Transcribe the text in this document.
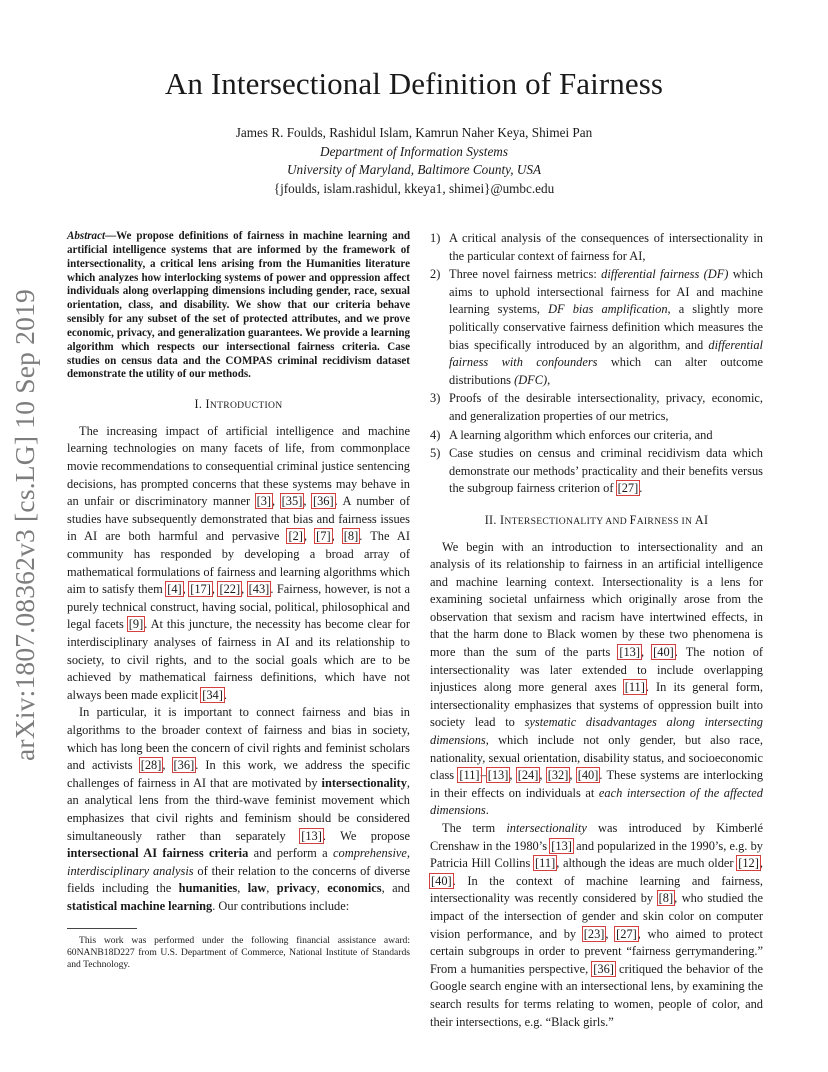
arXiv:1807.08362v3 [cs.LG] 10 Sep 2019
An Intersectional Definition of Fairness
James R. Foulds, Rashidul Islam, Kamrun Naher Keya, Shimei Pan
Department of Information Systems
University of Maryland, Baltimore County, USA
{jfoulds, islam.rashidul, kkeya1, shimei}@umbc.edu

Abstract—We propose definitions of fairness in machine learning and artificial intelligence systems that are informed by the framework of intersectionality, a critical lens arising from the Humanities literature which analyzes how interlocking systems of power and oppression affect individuals along overlapping dimensions including gender, race, sexual orientation, class, and disability. We show that our criteria behave sensibly for any subset of the set of protected attributes, and we prove economic, privacy, and generalization guarantees. We provide a learning algorithm which respects our intersectional fairness criteria. Case studies on census data and the COMPAS criminal recidivism dataset demonstrate the utility of our methods.

I. INTRODUCTION

The increasing impact of artificial intelligence and machine learning technologies on many facets of life, from commonplace movie recommendations to consequential criminal justice sentencing decisions, has prompted concerns that these systems may behave in an unfair or discriminatory manner [3], [35], [36]. A number of studies have subsequently demonstrated that bias and fairness issues in AI are both harmful and pervasive [2], [7], [8]. The AI community has responded by developing a broad array of mathematical formulations of fairness and learning algorithms which aim to satisfy them [4], [17], [22], [43]. Fairness, however, is not a purely technical construct, having social, political, philosophical and legal facets [9]. At this juncture, the necessity has become clear for interdisciplinary analyses of fairness in AI and its relationship to society, to civil rights, and to the social goals which are to be achieved by mathematical fairness definitions, which have not always been made explicit [34].

In particular, it is important to connect fairness and bias in algorithms to the broader context of fairness and bias in society, which has long been the concern of civil rights and feminist scholars and activists [28], [36]. In this work, we address the specific challenges of fairness in AI that are motivated by intersectionality, an analytical lens from the third-wave feminist movement which emphasizes that civil rights and feminism should be considered simultaneously rather than separately [13]. We propose intersectional AI fairness criteria and perform a comprehensive, interdisciplinary analysis of their relation to the concerns of diverse fields including the humanities, law, privacy, economics, and statistical machine learning. Our contributions include:

This work was performed under the following financial assistance award: 60NANB18D227 from U.S. Department of Commerce, National Institute of Standards and Technology.

1) A critical analysis of the consequences of intersectionality in the particular context of fairness for AI,
2) Three novel fairness metrics: differential fairness (DF) which aims to uphold intersectional fairness for AI and machine learning systems, DF bias amplification, a slightly more politically conservative fairness definition which measures the bias specifically introduced by an algorithm, and differential fairness with confounders which can alter outcome distributions (DFC),
3) Proofs of the desirable intersectionality, privacy, economic, and generalization properties of our metrics,
4) A learning algorithm which enforces our criteria, and
5) Case studies on census and criminal recidivism data which demonstrate our methods’ practicality and their benefits versus the subgroup fairness criterion of [27].
II. INTERSECTIONALITY AND FAIRNESS IN AI

We begin with an introduction to intersectionality and an analysis of its relationship to fairness in an artificial intelligence and machine learning context. Intersectionality is a lens for examining societal unfairness which originally arose from the observation that sexism and racism have intertwined effects, in that the harm done to Black women by these two phenomena is more than the sum of the parts [13], [40]. The notion of intersectionality was later extended to include overlapping injustices along more general axes [11]. In its general form, intersectionality emphasizes that systems of oppression built into society lead to systematic disadvantages along intersecting dimensions, which include not only gender, but also race, nationality, sexual orientation, disability status, and socioeconomic class [11]–[13], [24], [32], [40]. These systems are interlocking in their effects on individuals at each intersection of the affected dimensions.

The term intersectionality was introduced by Kimberlé Crenshaw in the 1980’s [13] and popularized in the 1990’s, e.g. by Patricia Hill Collins [11], although the ideas are much older [12], [40]. In the context of machine learning and fairness, intersectionality was recently considered by [8], who studied the impact of the intersection of gender and skin color on computer vision performance, and by [23], [27], who aimed to protect certain subgroups in order to prevent “fairness gerrymandering.” From a humanities perspective, [36] critiqued the behavior of the Google search engine with an intersectional lens, by examining the search results for terms relating to women, people of color, and their intersections, e.g. “Black girls.”
